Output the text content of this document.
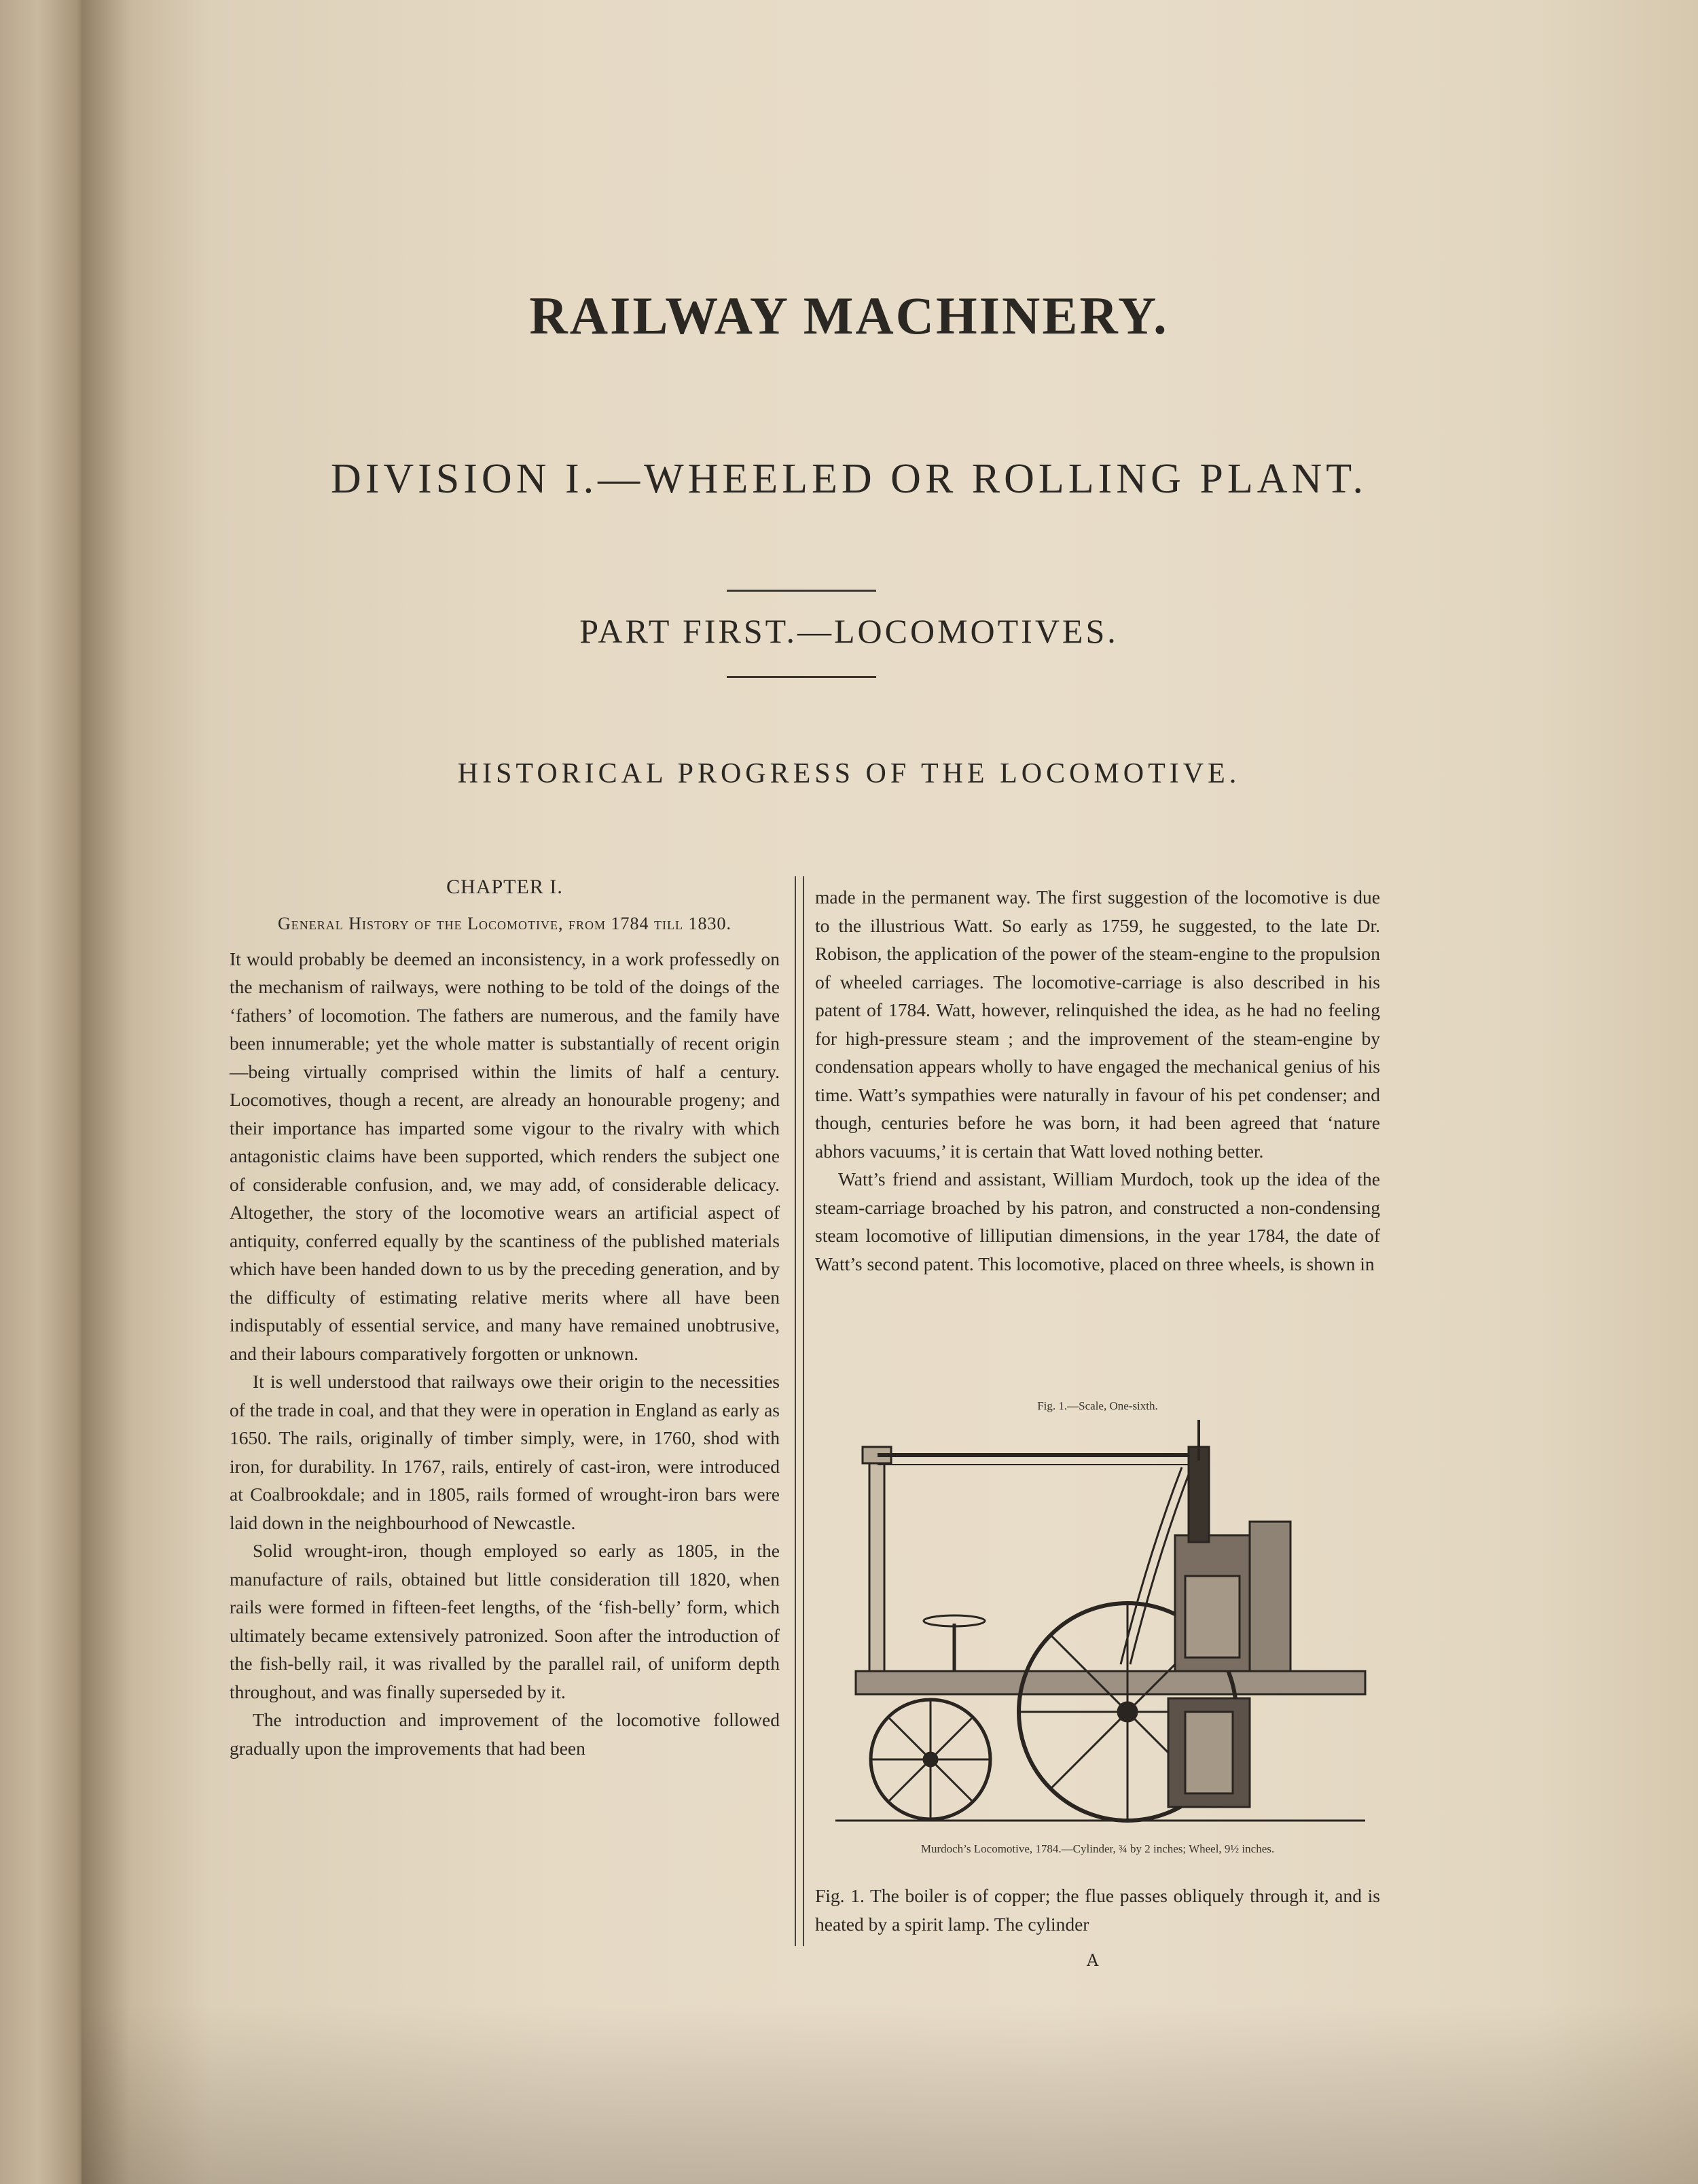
RAILWAY MACHINERY.
DIVISION I.—WHEELED OR ROLLING PLANT.
PART FIRST.—LOCOMOTIVES.
HISTORICAL PROGRESS OF THE LOCOMOTIVE.
CHAPTER I.
General History of the Locomotive, from 1784 till 1830.

It would probably be deemed an inconsistency, in a work professedly on the mechanism of railways, were nothing to be told of the doings of the ‘fathers’ of locomotion. The fathers are numerous, and the family have been innumerable; yet the whole matter is substantially of recent origin—being virtually comprised within the limits of half a century. Locomotives, though a recent, are already an honourable progeny; and their importance has imparted some vigour to the rivalry with which antagonistic claims have been supported, which renders the subject one of considerable confusion, and, we may add, of considerable delicacy. Altogether, the story of the locomotive wears an artificial aspect of antiquity, conferred equally by the scantiness of the published materials which have been handed down to us by the preceding generation, and by the difficulty of estimating relative merits where all have been indisputably of essential service, and many have remained unobtrusive, and their labours comparatively forgotten or unknown.

It is well understood that railways owe their origin to the necessities of the trade in coal, and that they were in operation in England as early as 1650. The rails, originally of timber simply, were, in 1760, shod with iron, for durability. In 1767, rails, entirely of cast-iron, were introduced at Coalbrookdale; and in 1805, rails formed of wrought-iron bars were laid down in the neighbourhood of Newcastle.

Solid wrought-iron, though employed so early as 1805, in the manufacture of rails, obtained but little consideration till 1820, when rails were formed in fifteen-feet lengths, of the ‘fish-belly’ form, which ultimately became extensively patronized. Soon after the introduction of the fish-belly rail, it was rivalled by the parallel rail, of uniform depth throughout, and was finally superseded by it.

The introduction and improvement of the locomotive followed gradually upon the improvements that had been

made in the permanent way. The first suggestion of the locomotive is due to the illustrious Watt. So early as 1759, he suggested, to the late Dr. Robison, the application of the power of the steam-engine to the propulsion of wheeled carriages. The locomotive-carriage is also described in his patent of 1784. Watt, however, relinquished the idea, as he had no feeling for high-pressure steam ; and the improvement of the steam-engine by condensation appears wholly to have engaged the mechanical genius of his time. Watt’s sympathies were naturally in favour of his pet condenser; and though, centuries before he was born, it had been agreed that ‘nature abhors vacuums,’ it is certain that Watt loved nothing better.

Watt’s friend and assistant, William Murdoch, took up the idea of the steam-carriage broached by his patron, and constructed a non-condensing steam locomotive of lilliputian dimensions, in the year 1784, the date of Watt’s second patent. This locomotive, placed on three wheels, is shown in

Fig. 1.—Scale, One-sixth.
Murdoch’s Locomotive, 1784.—Cylinder, ¾ by 2 inches; Wheel, 9½ inches.

Fig. 1. The boiler is of copper; the flue passes obliquely through it, and is heated by a spirit lamp. The cylinder

A
